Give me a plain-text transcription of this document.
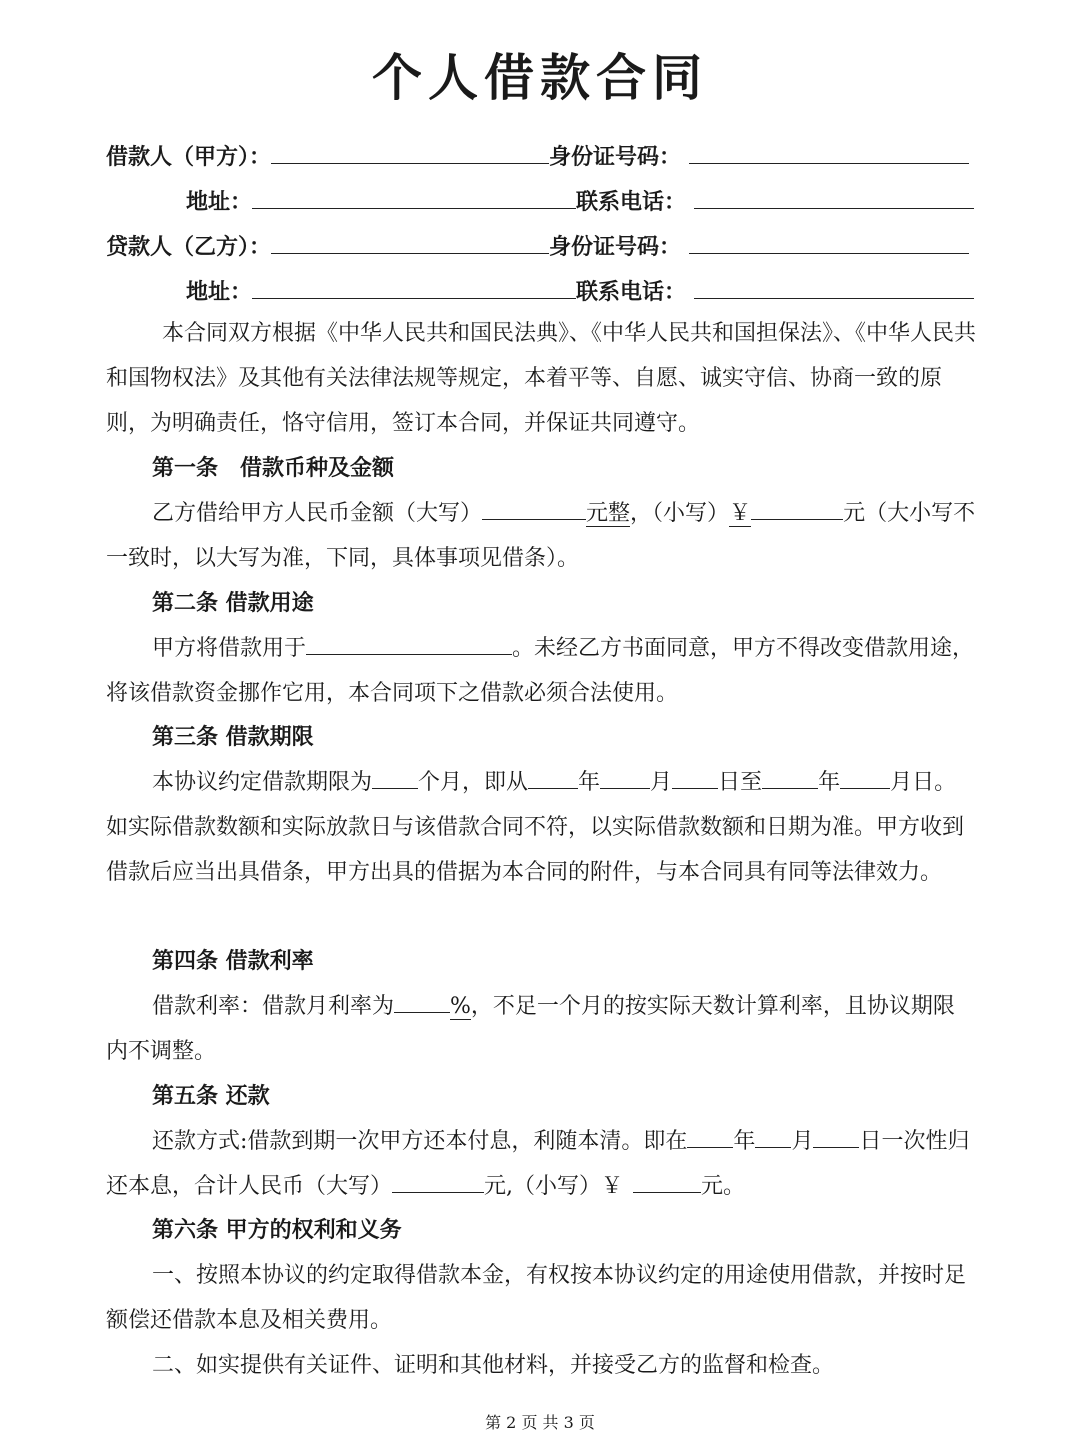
个人借款合同
借款人（甲方）：	身份证号码：
地址：	联系电话：
贷款人（乙方）：	身份证号码：
地址：	联系电话：
本合同双方根据《中华人民共和国民法典》、《中华人民共和国担保法》、《中华人民共和国物权法》及其他有关法律法规等规定，本着平等、自愿、诚实守信、协商一致的原则，为明确责任，恪守信用，签订本合同，并保证共同遵守。
第一条　借款币种及金额
乙方借给甲方人民币金额（大写）	元整，（小写）￥	元（大小写不一致时，以大写为准，下同，具体事项见借条）。
第二条 借款用途
甲方将借款用于	。未经乙方书面同意，甲方不得改变借款用途，将该借款资金挪作它用，本合同项下之借款必须合法使用。
第三条 借款期限
本协议约定借款期限为 个月，即从 年 月 日至	年 月日。如实际借款数额和实际放款日与该借款合同不符，以实际借款数额和日期为准。甲方收到借款后应当出具借条，甲方出具的借据为本合同的附件，与本合同具有同等法律效力。
第四条 借款利率
借款利率：借款月利率为	%，不足一个月的按实际天数计算利率，且协议期限内不调整。
第五条 还款
还款方式:借款到期一次甲方还本付息，利随本清。即在 年 月 日一次性归还本息，合计人民币（大写）	元,（小写）￥	元。
第六条 甲方的权利和义务
一、按照本协议的约定取得借款本金，有权按本协议约定的用途使用借款，并按时足额偿还借款本息及相关费用。
二、如实提供有关证件、证明和其他材料，并接受乙方的监督和检查。
第 2 页 共 3 页
